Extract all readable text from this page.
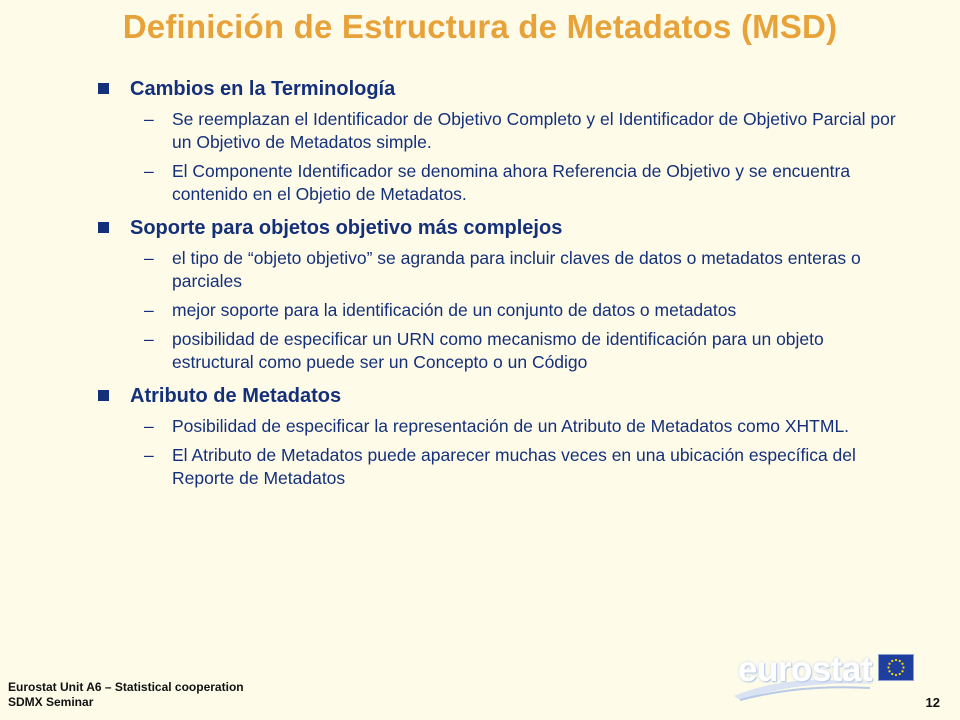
Definición de Estructura de Metadatos (MSD)
Cambios en la Terminología
– Se reemplazan el Identificador de Objetivo Completo y el Identificador de Objetivo Parcial por un Objetivo de Metadatos simple.
– El Componente Identificador se denomina ahora Referencia de Objetivo y se encuentra contenido en el Objetio de Metadatos.
Soporte para objetos objetivo más complejos
– el tipo de “objeto objetivo” se agranda para incluir claves de datos o metadatos enteras o parciales
– mejor soporte para la identificación de un conjunto de datos o metadatos
– posibilidad de especificar un URN como mecanismo de identificación para un objeto estructural como puede ser un Concepto o un Código
Atributo de Metadatos
– Posibilidad de especificar la representación de un Atributo de Metadatos como XHTML.
– El Atributo de Metadatos puede aparecer muchas veces en una ubicación específica del Reporte de Metadatos
Eurostat Unit A6 – Statistical cooperation
SDMX Seminar
eurostat
12
